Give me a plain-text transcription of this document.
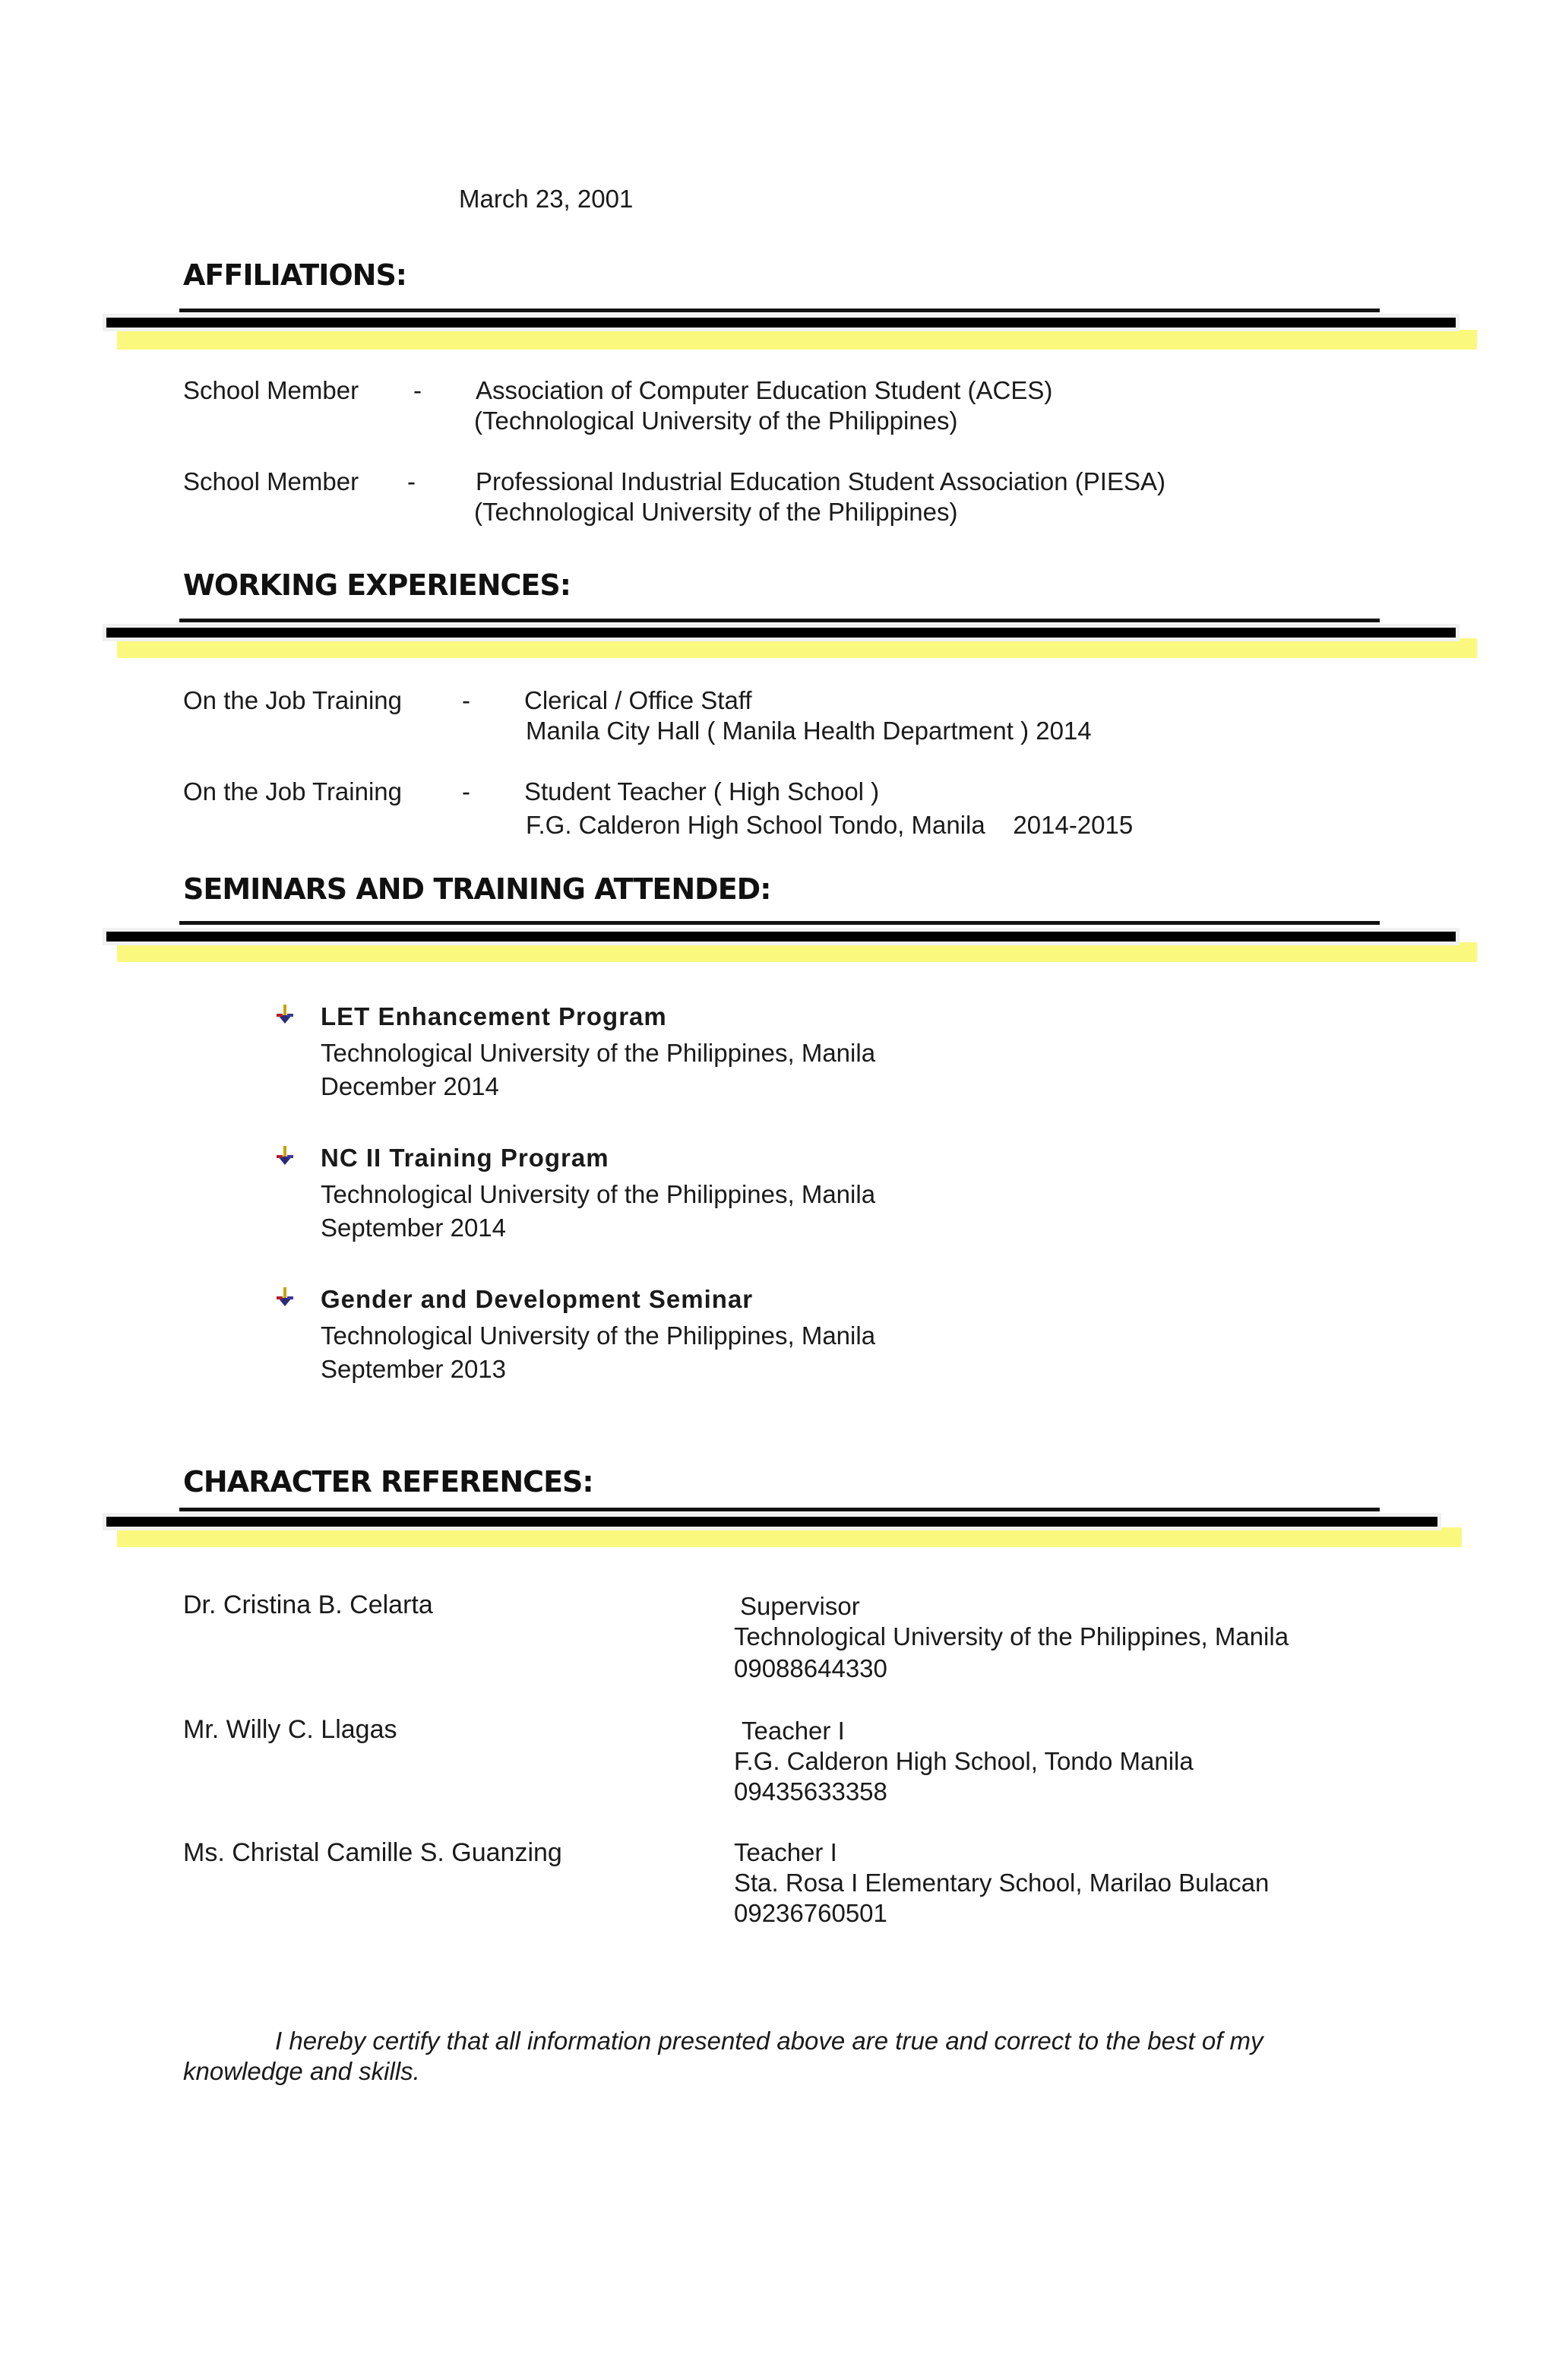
March 23, 2001
AFFILIATIONS:
School Member - Association of Computer Education Student (ACES)
(Technological University of the Philippines)
School Member - Professional Industrial Education Student Association (PIESA)
(Technological University of the Philippines)
WORKING EXPERIENCES:
On the Job Training - Clerical / Office Staff
Manila City Hall ( Manila Health Department ) 2014
On the Job Training - Student Teacher ( High School )
F.G. Calderon High School Tondo, Manila    2014-2015
SEMINARS AND TRAINING ATTENDED:
LET Enhancement Program
Technological University of the Philippines, Manila
December 2014
NC II Training Program
Technological University of the Philippines, Manila
September 2014
Gender and Development Seminar
Technological University of the Philippines, Manila
September 2013
CHARACTER REFERENCES:
Dr. Cristina B. Celarta	Supervisor
Technological University of the Philippines, Manila
09088644330
Mr. Willy C. Llagas	Teacher I
F.G. Calderon High School, Tondo Manila
09435633358
Ms. Christal Camille S. Guanzing	Teacher I
Sta. Rosa I Elementary School, Marilao Bulacan
09236760501
I hereby certify that all information presented above are true and correct to the best of my
knowledge and skills.
